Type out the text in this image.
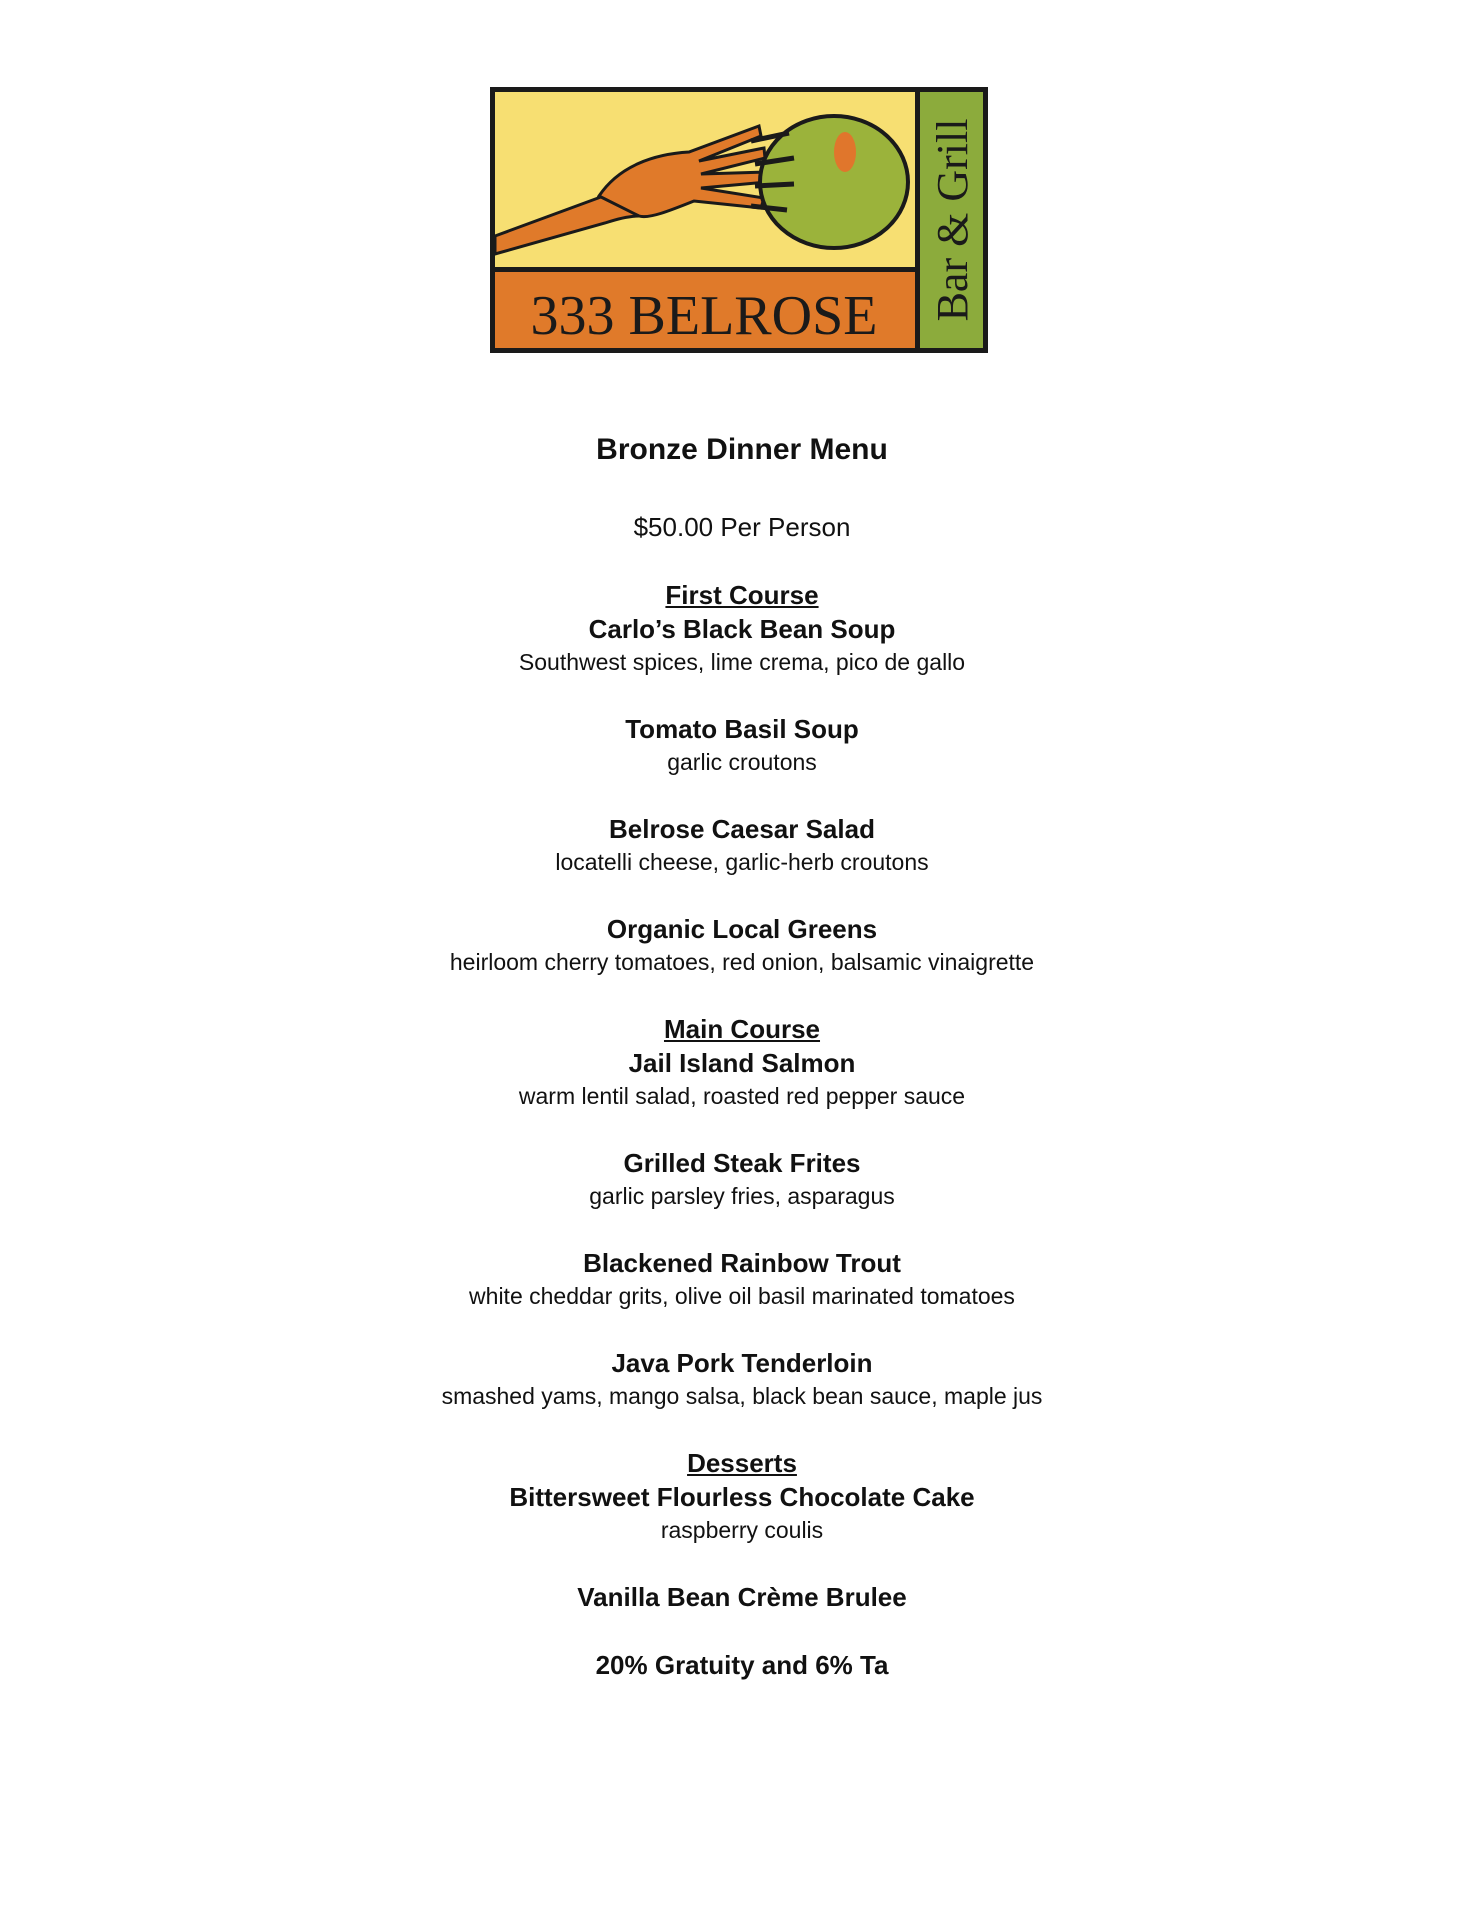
333 BELROSE Bar & Grill
Bronze Dinner Menu
$50.00 Per Person
First Course
Carlo’s Black Bean Soup
Southwest spices, lime crema, pico de gallo
Tomato Basil Soup
garlic croutons
Belrose Caesar Salad
locatelli cheese, garlic-herb croutons
Organic Local Greens
heirloom cherry tomatoes, red onion, balsamic vinaigrette
Main Course
Jail Island Salmon
warm lentil salad, roasted red pepper sauce
Grilled Steak Frites
garlic parsley fries, asparagus
Blackened Rainbow Trout
white cheddar grits, olive oil basil marinated tomatoes
Java Pork Tenderloin
smashed yams, mango salsa, black bean sauce, maple jus
Desserts
Bittersweet Flourless Chocolate Cake
raspberry coulis
Vanilla Bean Crème Brulee
20% Gratuity and 6% Ta
